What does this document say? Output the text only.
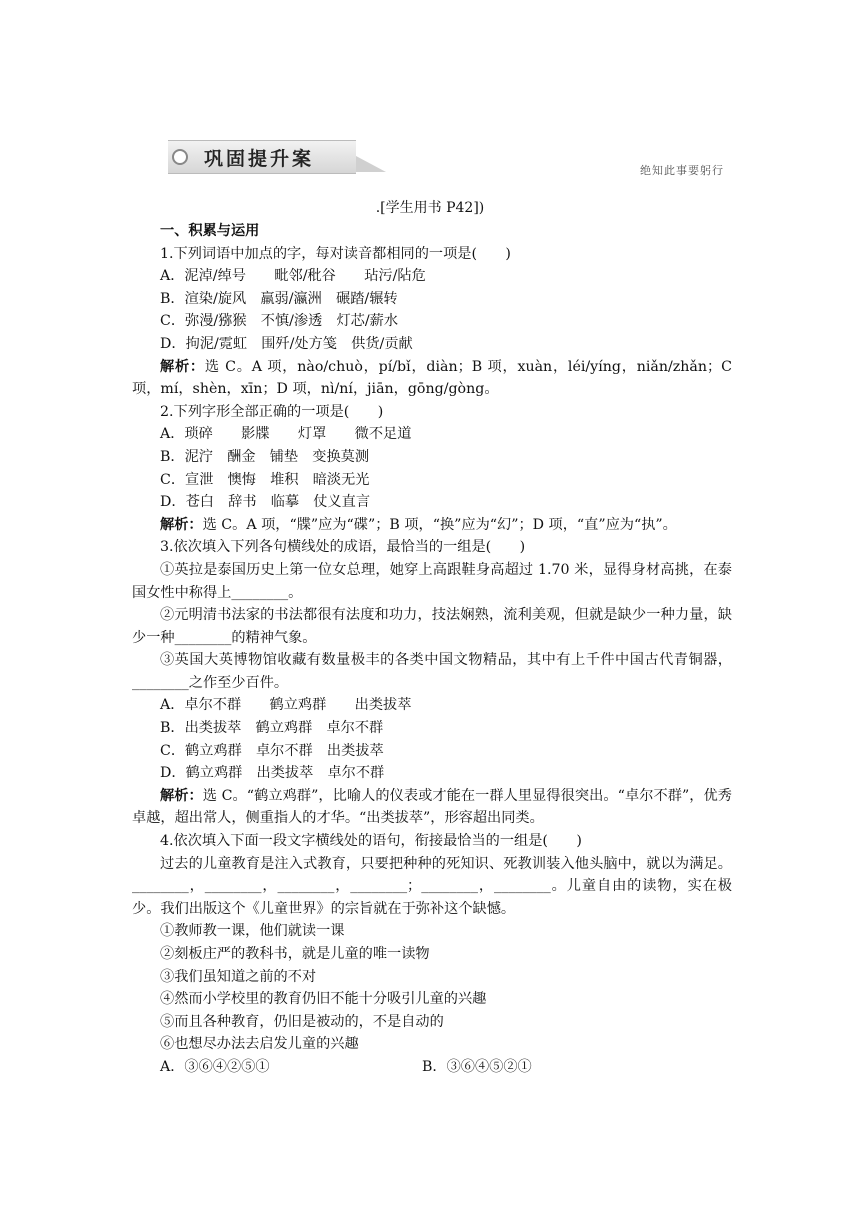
巩固提升案
绝知此事要躬行
.[学生用书 P42])
一、积累与运用
1.下列词语中加点的字，每对读音都相同的一项是(　　)
A．泥淖/绰号　　毗邻/秕谷　　玷污/阽危
B．渲染/旋风　羸弱/瀛洲　碾踏/辗转
C．弥漫/猕猴　不慎/渗透　灯芯/薪水
D．拘泥/霓虹　围歼/处方笺　供货/贡献
解析：选 C。A 项，nào/chuò，pí/bǐ，diàn；B 项，xuàn，léi/yíng，niǎn/zhǎn；C 项，mí，shèn，xīn；D 项，nì/ní，jiān，gōng/gòng。
2.下列字形全部正确的一项是(　　)
A．琐碎　　影牒　　灯罩　　微不足道
B．泥泞　酬金　铺垫　变换莫测
C．宣泄　懊悔　堆积　暗淡无光
D．苍白　辞书　临摹　仗义直言
解析：选 C。A 项，“牒”应为“碟”；B 项，“换”应为“幻”；D 项，“直”应为“执”。
3.依次填入下列各句横线处的成语，最恰当的一组是(　　)
①英拉是泰国历史上第一位女总理，她穿上高跟鞋身高超过 1.70 米，显得身材高挑，在泰国女性中称得上________。
②元明清书法家的书法都很有法度和功力，技法娴熟，流利美观，但就是缺少一种力量，缺少一种________的精神气象。
③英国大英博物馆收藏有数量极丰的各类中国文物精品，其中有上千件中国古代青铜器，________之作至少百件。
A．卓尔不群　　鹤立鸡群　　出类拔萃
B．出类拔萃　鹤立鸡群　卓尔不群
C．鹤立鸡群　卓尔不群　出类拔萃
D．鹤立鸡群　出类拔萃　卓尔不群
解析：选 C。“鹤立鸡群”，比喻人的仪表或才能在一群人里显得很突出。“卓尔不群”，优秀卓越，超出常人，侧重指人的才华。“出类拔萃”，形容超出同类。
4.依次填入下面一段文字横线处的语句，衔接最恰当的一组是(　　)
过去的儿童教育是注入式教育，只要把种种的死知识、死教训装入他头脑中，就以为满足。________，________，________，________；________，________。儿童自由的读物，实在极少。我们出版这个《儿童世界》的宗旨就在于弥补这个缺憾。
①教师教一课，他们就读一课
②刻板庄严的教科书，就是儿童的唯一读物
③我们虽知道之前的不对
④然而小学校里的教育仍旧不能十分吸引儿童的兴趣
⑤而且各种教育，仍旧是被动的，不是自动的
⑥也想尽办法去启发儿童的兴趣
A．③⑥④②⑤①	B．③⑥④⑤②①
